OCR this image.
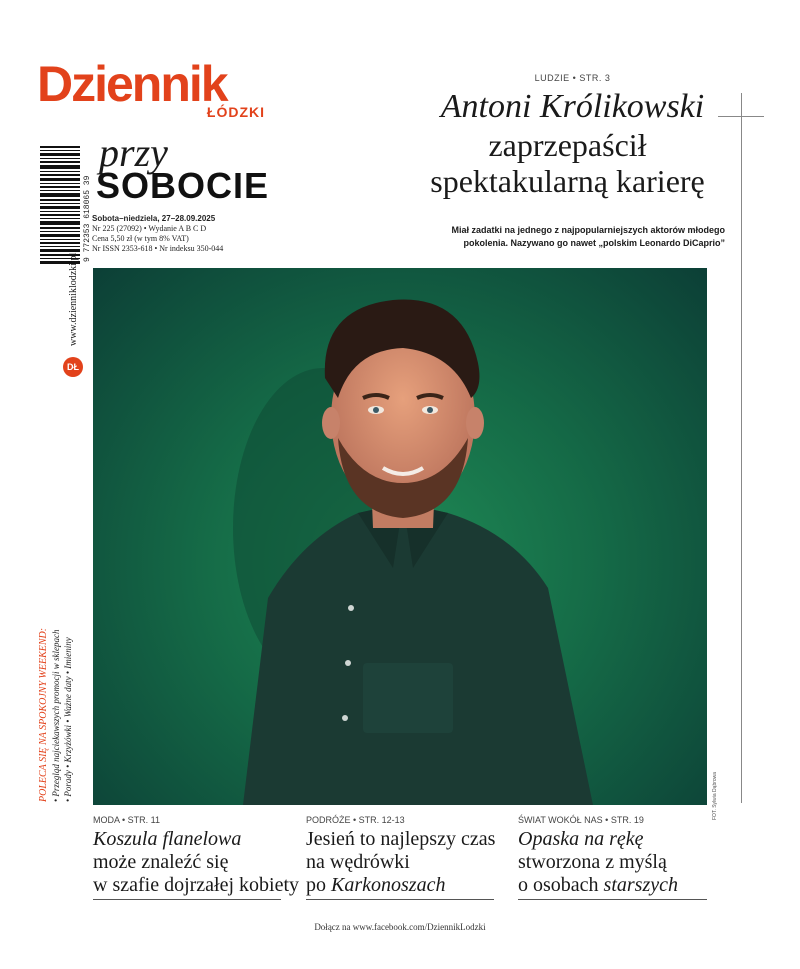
Dziennik
ŁÓDZKI
przy
SOBOCIE
Sobota–niedziela, 27–28.09.2025
Nr 225 (27092) • Wydanie A B C D
Cena 5,50 zł (w tym 8% VAT)
Nr ISSN 2353-618 • Nr indeksu 350-044
9 772353 618065 39
www.dzienniklodzki.pl
DŁ
POLECA SIĘ NA SPOKOJNY WEEKEND: • Przegląd najciekawszych promocji w sklepach • Porady • Krzyżówki • Ważne daty • Imieniny
LUDZIE • STR. 3
Antoni Królikowski
zaprzepaścił
spektakularną karierę
Miał zadatki na jednego z najpopularniejszych aktorów młodego
pokolenia. Nazywano go nawet „polskim Leonardo DiCaprio”
FOT. Sylwia Dąbrowa
MODA • STR. 11
Koszula flanelowa
może znaleźć się
w szafie dojrzałej kobiety
PODRÓŻE • STR. 12-13
Jesień to najlepszy czas
na wędrówki
po Karkonoszach
ŚWIAT WOKÓŁ NAS • STR. 19
Opaska na rękę
stworzona z myślą
o osobach starszych
Dołącz na www.facebook.com/DziennikLodzki
